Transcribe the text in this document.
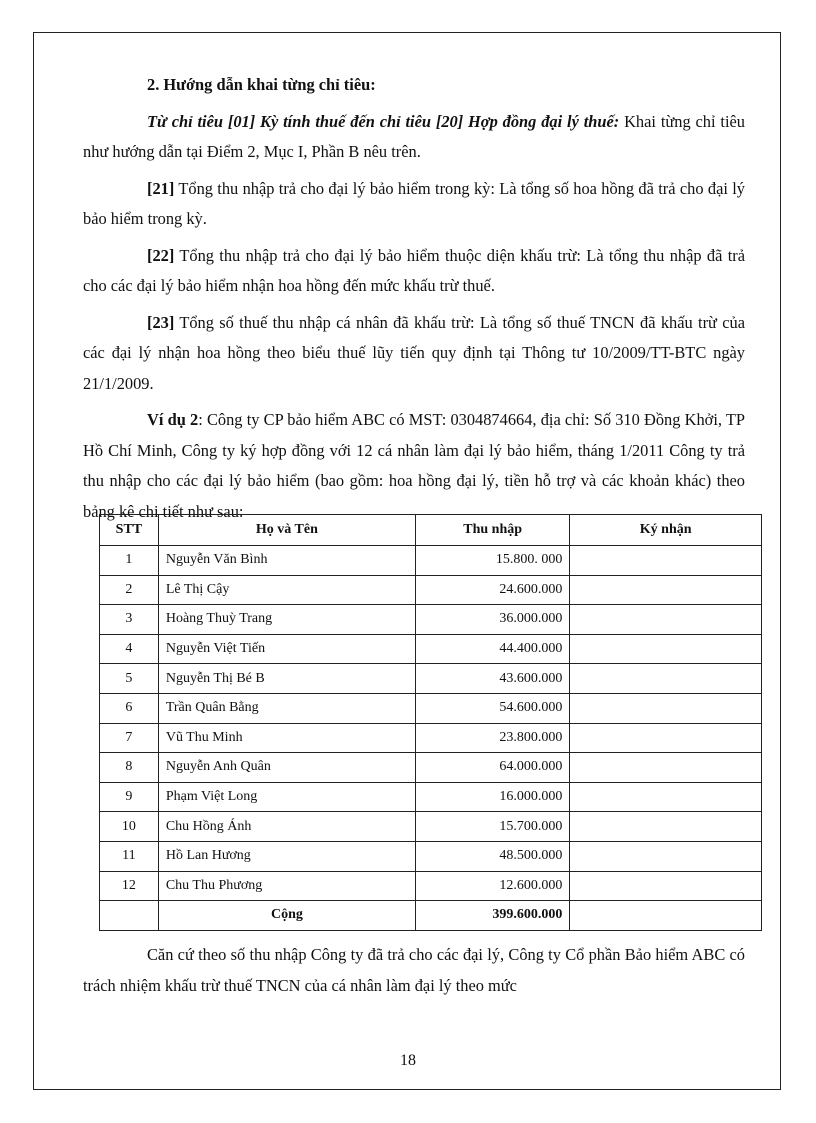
2. Hướng dẫn khai từng chỉ tiêu:

Từ chỉ tiêu [01] Kỳ tính thuế đến chỉ tiêu [20] Hợp đồng đại lý thuế: Khai từng chỉ tiêu như hướng dẫn tại Điểm 2, Mục I, Phần B nêu trên.

[21] Tổng thu nhập trả cho đại lý bảo hiểm trong kỳ: Là tổng số hoa hồng đã trả cho đại lý bảo hiểm trong kỳ.

[22] Tổng thu nhập trả cho đại lý bảo hiểm thuộc diện khấu trừ: Là tổng thu nhập đã trả cho các đại lý bảo hiểm nhận hoa hồng đến mức khấu trừ thuế.

[23] Tổng số thuế thu nhập cá nhân đã khấu trừ: Là tổng số thuế TNCN đã khấu trừ của các đại lý nhận hoa hồng theo biểu thuế lũy tiến quy định tại Thông tư 10/2009/TT-BTC ngày 21/1/2009.

Ví dụ 2: Công ty CP bảo hiểm ABC có MST: 0304874664, địa chỉ: Số 310 Đồng Khởi, TP Hồ Chí Minh, Công ty ký hợp đồng với 12 cá nhân làm đại lý bảo hiểm, tháng 1/2011 Công ty trả thu nhập cho các đại lý bảo hiểm (bao gồm: hoa hồng đại lý, tiền hỗ trợ và các khoản khác) theo bảng kê chi tiết như sau:

STT	Họ và Tên	Thu nhập	Ký nhận
1	Nguyễn Văn Bình	15.800. 000	
2	Lê Thị Cậy	24.600.000	
3	Hoàng Thuỳ Trang	36.000.000	
4	Nguyễn Việt Tiến	44.400.000	
5	Nguyễn Thị Bé B	43.600.000	
6	Trần Quân Bằng	54.600.000	
7	Vũ Thu Minh	23.800.000	
8	Nguyễn Anh Quân	64.000.000	
9	Phạm Việt Long	16.000.000	
10	Chu Hồng Ánh	15.700.000	
11	Hồ Lan Hương	48.500.000	
12	Chu Thu Phương	12.600.000	
	Cộng	399.600.000	

Căn cứ theo số thu nhập Công ty đã trả cho các đại lý, Công ty Cổ phần Bảo hiểm ABC có trách nhiệm khấu trừ thuế TNCN của cá nhân làm đại lý theo mức

18
